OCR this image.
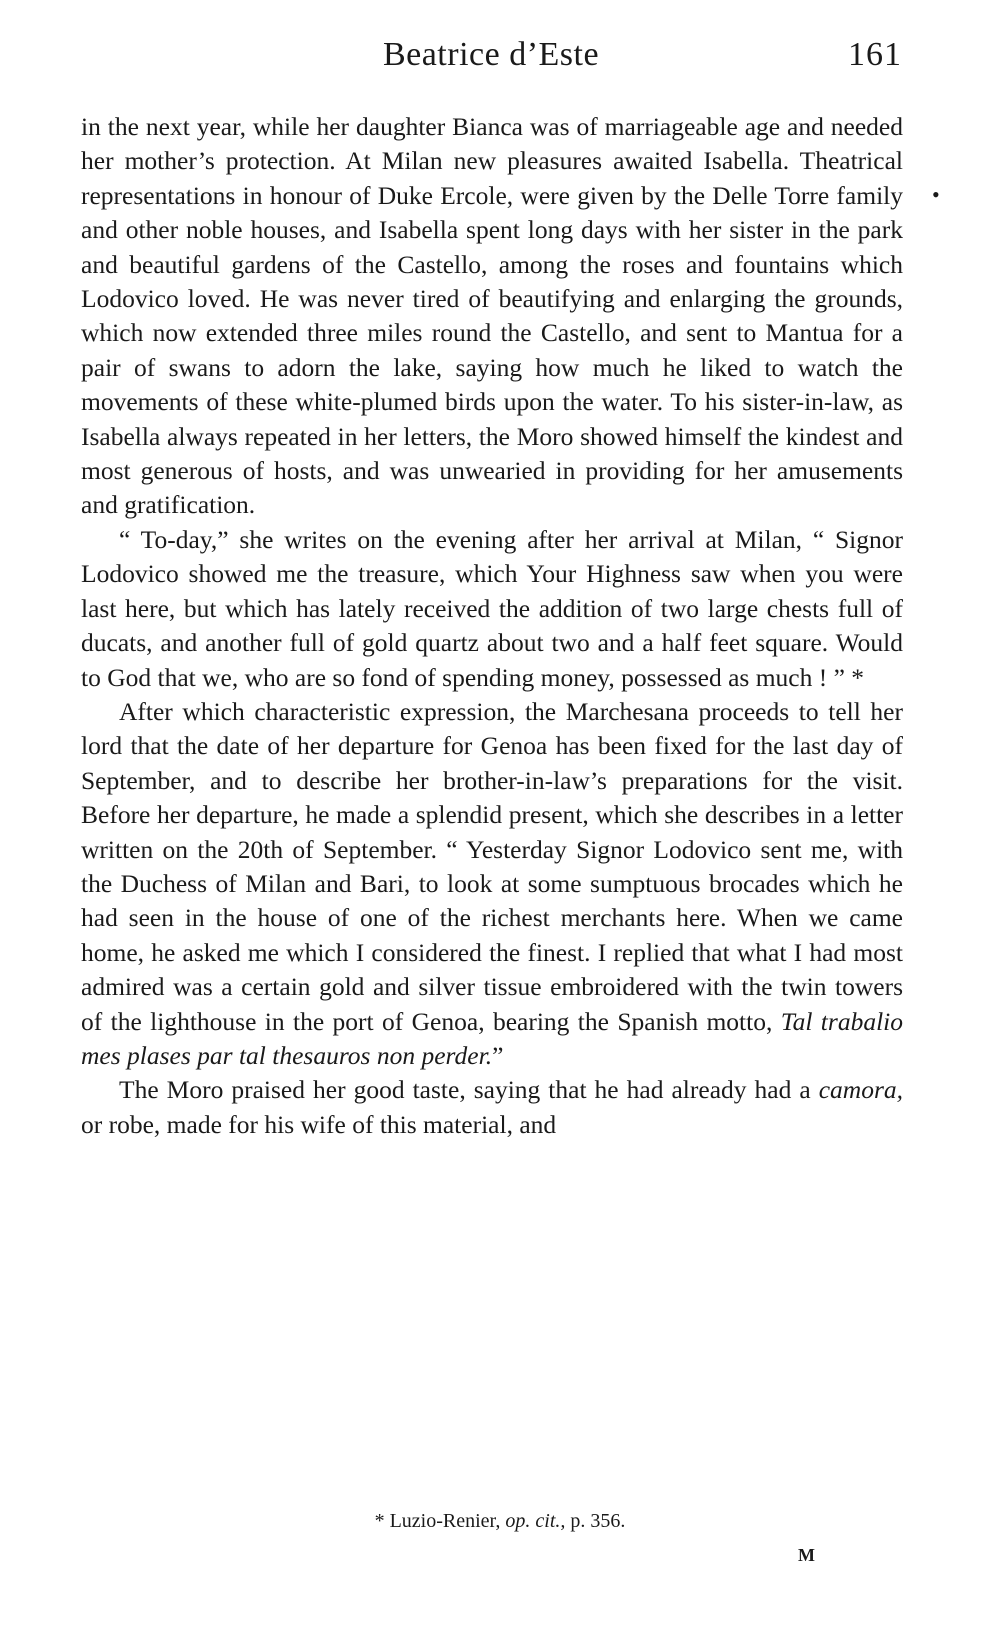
Beatrice d’Este	161
•

in the next year, while her daughter Bianca was of marriageable age and needed her mother’s protection. At Milan new pleasures awaited Isabella. Theatrical representations in honour of Duke Ercole, were given by the Delle Torre family and other noble houses, and Isabella spent long days with her sister in the park and beautiful gardens of the Castello, among the roses and fountains which Lodovico loved. He was never tired of beautifying and enlarging the grounds, which now extended three miles round the Castello, and sent to Mantua for a pair of swans to adorn the lake, saying how much he liked to watch the movements of these white-plumed birds upon the water. To his sister-in-law, as Isabella always repeated in her letters, the Moro showed himself the kindest and most generous of hosts, and was unwearied in providing for her amusements and gratification.

“ To-day,” she writes on the evening after her arrival at Milan, “ Signor Lodovico showed me the treasure, which Your Highness saw when you were last here, but which has lately received the addition of two large chests full of ducats, and another full of gold quartz about two and a half feet square. Would to God that we, who are so fond of spending money, possessed as much ! ” *

After which characteristic expression, the Marchesana proceeds to tell her lord that the date of her departure for Genoa has been fixed for the last day of September, and to describe her brother-in-law’s preparations for the visit. Before her departure, he made a splendid present, which she describes in a letter written on the 20th of September. “ Yesterday Signor Lodovico sent me, with the Duchess of Milan and Bari, to look at some sumptuous brocades which he had seen in the house of one of the richest merchants here. When we came home, he asked me which I considered the finest. I replied that what I had most admired was a certain gold and silver tissue embroidered with the twin towers of the lighthouse in the port of Genoa, bearing the Spanish motto, Tal trabalio mes plases par tal thesauros non perder.”

The Moro praised her good taste, saying that he had already had a camora, or robe, made for his wife of this material, and

* Luzio-Renier, op. cit., p. 356.
M
